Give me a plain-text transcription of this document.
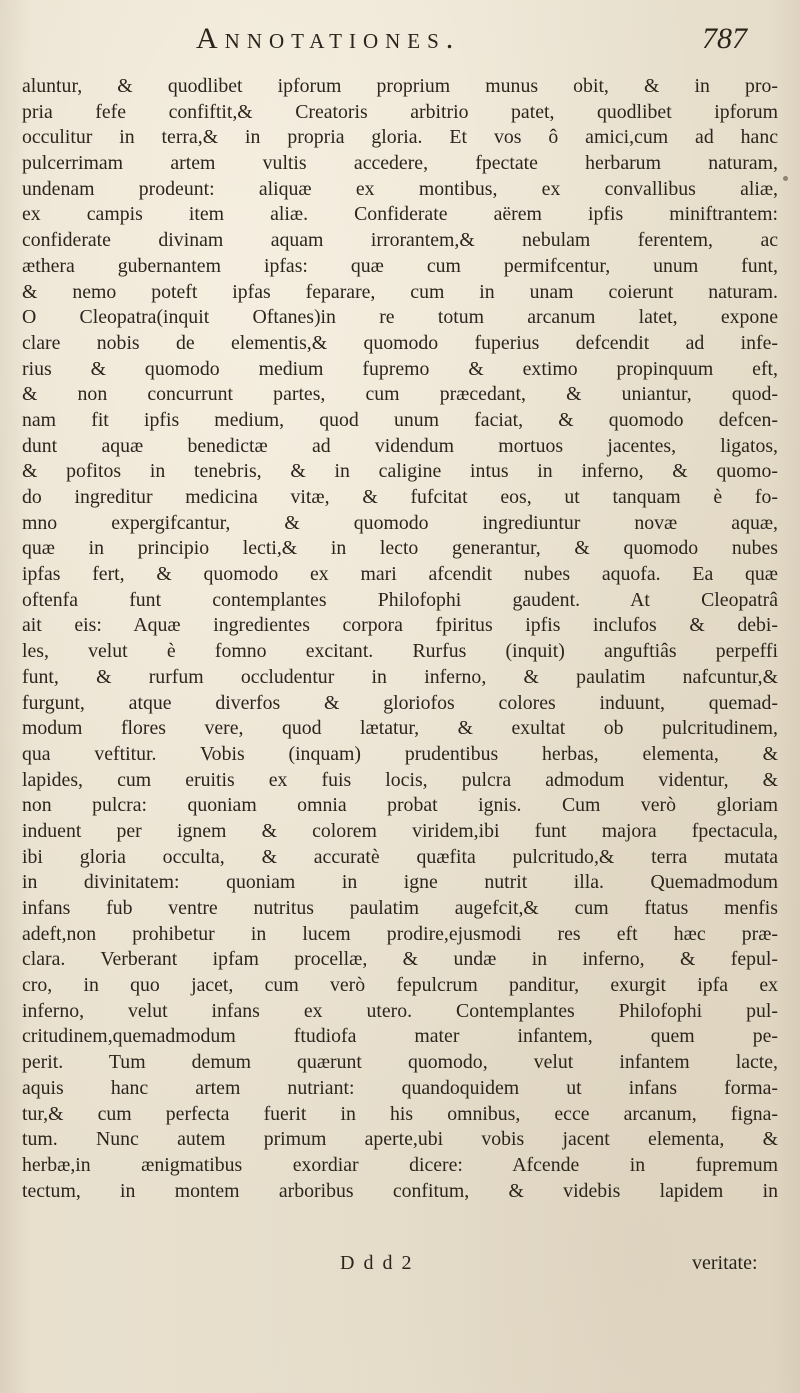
Annotationes.	787
aluntur, & quodlibet ipforum proprium munus obit, & in pro-
pria fefe confiftit,& Creatoris arbitrio patet, quodlibet ipforum
occulitur in terra,& in propria gloria. Et vos ô amici,cum ad hanc
pulcerrimam artem vultis accedere, fpectate herbarum naturam,
undenam prodeunt: aliquæ ex montibus, ex convallibus aliæ,
ex campis item aliæ. Confiderate aërem ipfis miniftrantem:
confiderate divinam aquam irrorantem,& nebulam ferentem, ac
æthera gubernantem ipfas: quæ cum permifcentur, unum funt,
& nemo poteft ipfas feparare, cum in unam coierunt naturam.
O Cleopatra(inquit Oftanes)in re totum arcanum latet, expone
clare nobis de elementis,& quomodo fuperius defcendit ad infe-
rius & quomodo medium fupremo & extimo propinquum eft,
& non concurrunt partes, cum præcedant, & uniantur, quod-
nam fit ipfis medium, quod unum faciat, & quomodo defcen-
dunt aquæ benedictæ ad videndum mortuos jacentes, ligatos,
& pofitos in tenebris, & in caligine intus in inferno, & quomo-
do ingreditur medicina vitæ, & fufcitat eos, ut tanquam è fo-
mno expergifcantur, & quomodo ingrediuntur novæ aquæ,
quæ in principio lecti,& in lecto generantur, & quomodo nubes
ipfas fert, & quomodo ex mari afcendit nubes aquofa. Ea quæ
oftenfa funt contemplantes Philofophi gaudent. At Cleopatrâ
ait eis: Aquæ ingredientes corpora fpiritus ipfis inclufos & debi-
les, velut è fomno excitant. Rurfus (inquit) anguftiâs perpeffi
funt, & rurfum occludentur in inferno, & paulatim nafcuntur,&
furgunt, atque diverfos & gloriofos colores induunt, quemad-
modum flores vere, quod lætatur, & exultat ob pulcritudinem,
qua veftitur. Vobis (inquam) prudentibus herbas, elementa, &
lapides, cum eruitis ex fuis locis, pulcra admodum videntur, &
non pulcra: quoniam omnia probat ignis. Cum verò gloriam
induent per ignem & colorem viridem,ibi funt majora fpectacula,
ibi gloria occulta, & accuratè quæfita pulcritudo,& terra mutata
in divinitatem: quoniam in igne nutrit illa. Quemadmodum
infans fub ventre nutritus paulatim augefcit,& cum ftatus menfis
adeft,non prohibetur in lucem prodire,ejusmodi res eft hæc præ-
clara. Verberant ipfam procellæ, & undæ in inferno, & fepul-
cro, in quo jacet, cum verò fepulcrum panditur, exurgit ipfa ex
inferno, velut infans ex utero. Contemplantes Philofophi pul-
critudinem,quemadmodum ftudiofa mater infantem, quem pe-
perit. Tum demum quærunt quomodo, velut infantem lacte,
aquis hanc artem nutriant: quandoquidem ut infans forma-
tur,& cum perfecta fuerit in his omnibus, ecce arcanum, figna-
tum. Nunc autem primum aperte,ubi vobis jacent elementa, &
herbæ,in ænigmatibus exordiar dicere: Afcende in fupremum
tectum, in montem arboribus confitum, & videbis lapidem in
D d d 2	veritate:
